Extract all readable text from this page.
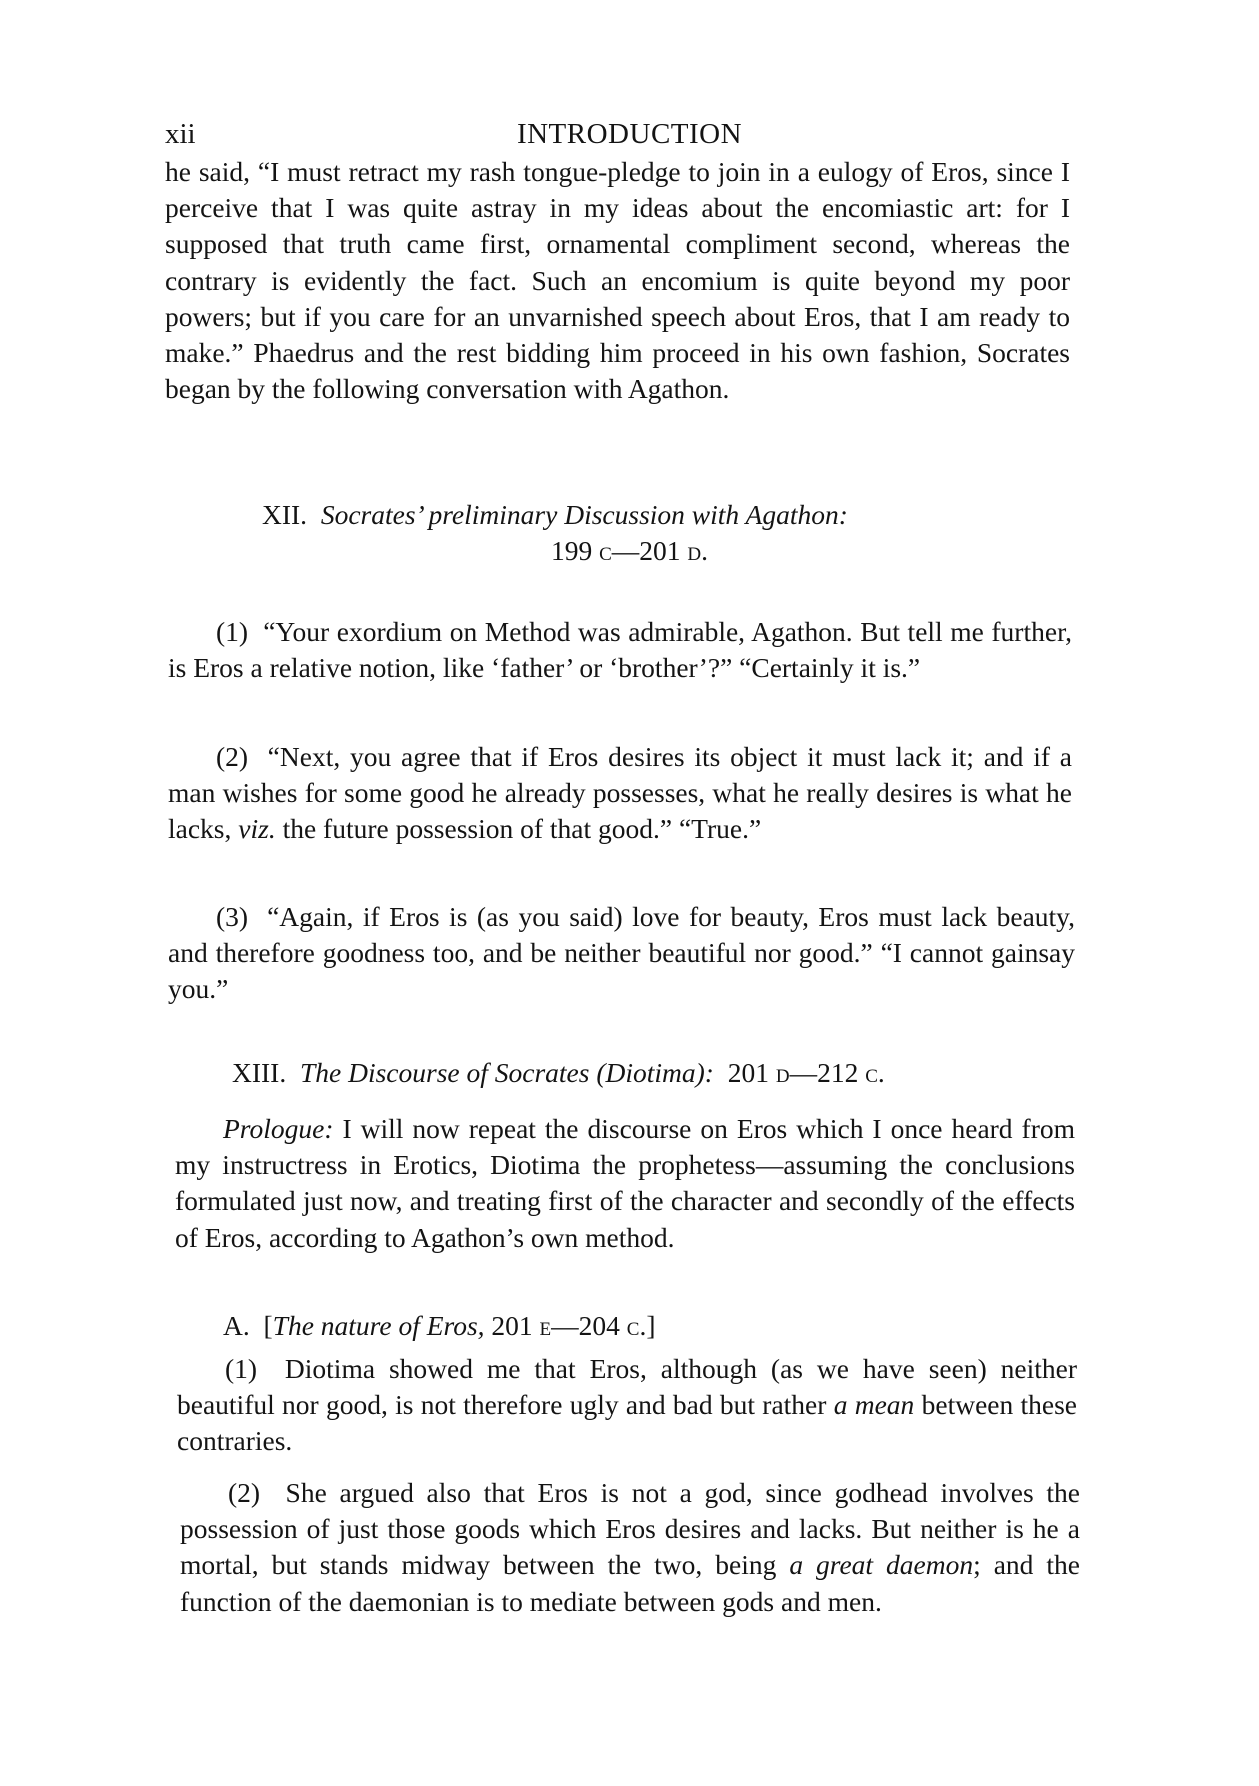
xii	INTRODUCTION

he said, “I must retract my rash tongue-pledge to join in a eulogy of Eros, since I perceive that I was quite astray in my ideas about the encomiastic art: for I supposed that truth came first, ornamental compliment second, whereas the contrary is evidently the fact. Such an encomium is quite beyond my poor powers; but if you care for an unvarnished speech about Eros, that I am ready to make.” Phaedrus and the rest bidding him proceed in his own fashion, Socrates began by the following conversation with Agathon.

XII. Socrates’ preliminary Discussion with Agathon:
199 c—201 d.

(1) “Your exordium on Method was admirable, Agathon. But tell me further, is Eros a relative notion, like ‘father’ or ‘brother’?” “Certainly it is.”

(2) “Next, you agree that if Eros desires its object it must lack it; and if a man wishes for some good he already possesses, what he really desires is what he lacks, viz. the future possession of that good.” “True.”

(3) “Again, if Eros is (as you said) love for beauty, Eros must lack beauty, and therefore goodness too, and be neither beautiful nor good.” “I cannot gainsay you.”

XIII. The Discourse of Socrates (Diotima): 201 d—212 c.

Prologue: I will now repeat the discourse on Eros which I once heard from my instructress in Erotics, Diotima the prophetess—assuming the conclusions formulated just now, and treating first of the character and secondly of the effects of Eros, according to Agathon’s own method.

A. [The nature of Eros, 201 e—204 c.]

(1) Diotima showed me that Eros, although (as we have seen) neither beautiful nor good, is not therefore ugly and bad but rather a mean between these contraries.

(2) She argued also that Eros is not a god, since godhead involves the possession of just those goods which Eros desires and lacks. But neither is he a mortal, but stands midway between the two, being a great daemon; and the function of the daemonian is to mediate between gods and men.
